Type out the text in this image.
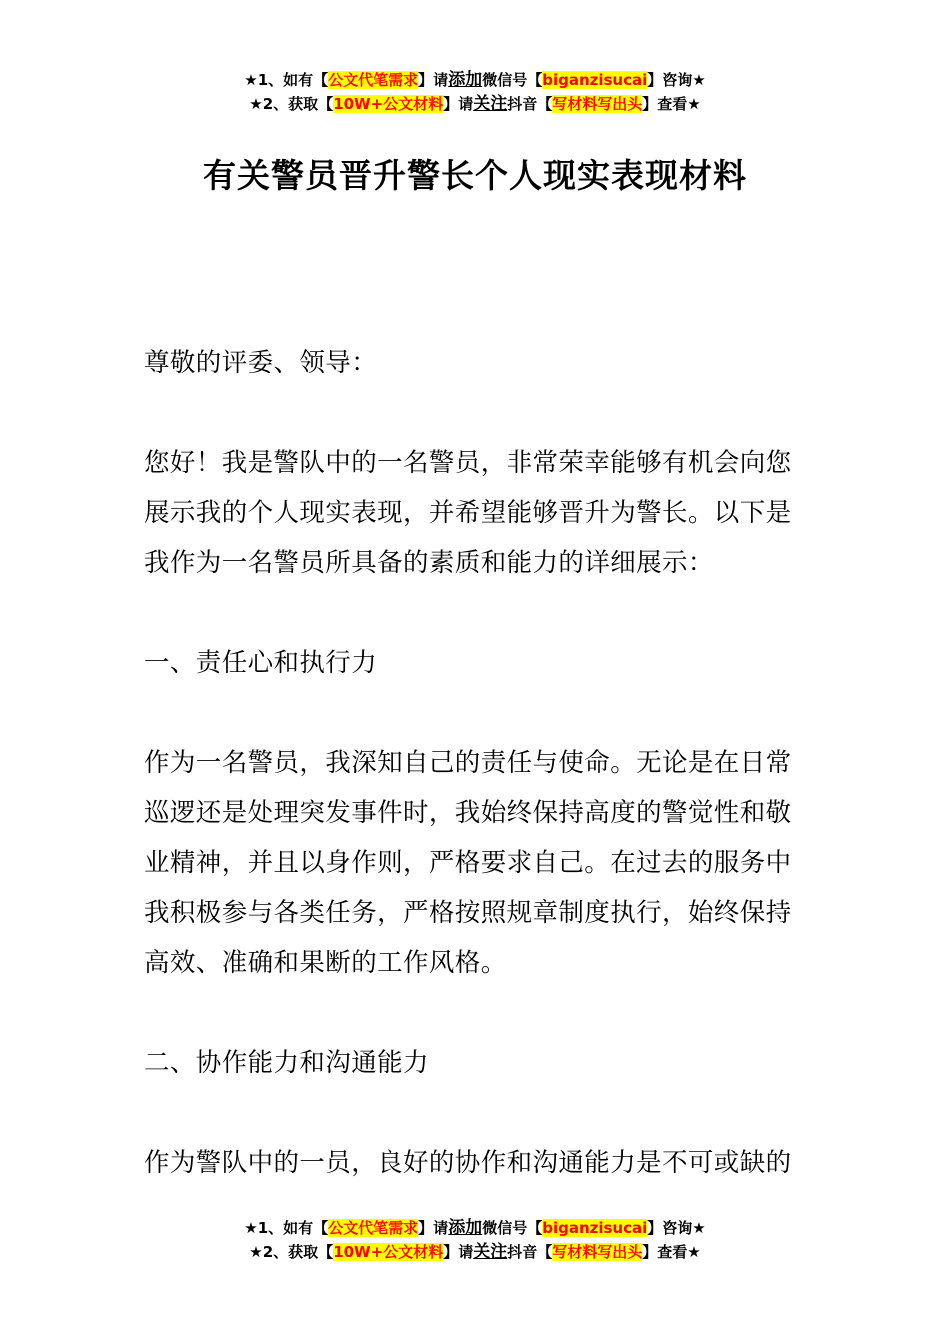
★1、如有【公文代笔需求】请添加微信号【biganzisucai】咨询★
★2、获取【10W+公文材料】请关注抖音【写材料写出头】查看★
有关警员晋升警长个人现实表现材料

尊敬的评委、领导：

您好！我是警队中的一名警员，非常荣幸能够有机会向您展示我的个人现实表现，并希望能够晋升为警长。以下是我作为一名警员所具备的素质和能力的详细展示：

一、责任心和执行力

作为一名警员，我深知自己的责任与使命。无论是在日常巡逻还是处理突发事件时，我始终保持高度的警觉性和敬业精神，并且以身作则，严格要求自己。在过去的服务中我积极参与各类任务，严格按照规章制度执行，始终保持高效、准确和果断的工作风格。

二、协作能力和沟通能力

作为警队中的一员，良好的协作和沟通能力是不可或缺的

★1、如有【公文代笔需求】请添加微信号【biganzisucai】咨询★
★2、获取【10W+公文材料】请关注抖音【写材料写出头】查看★
